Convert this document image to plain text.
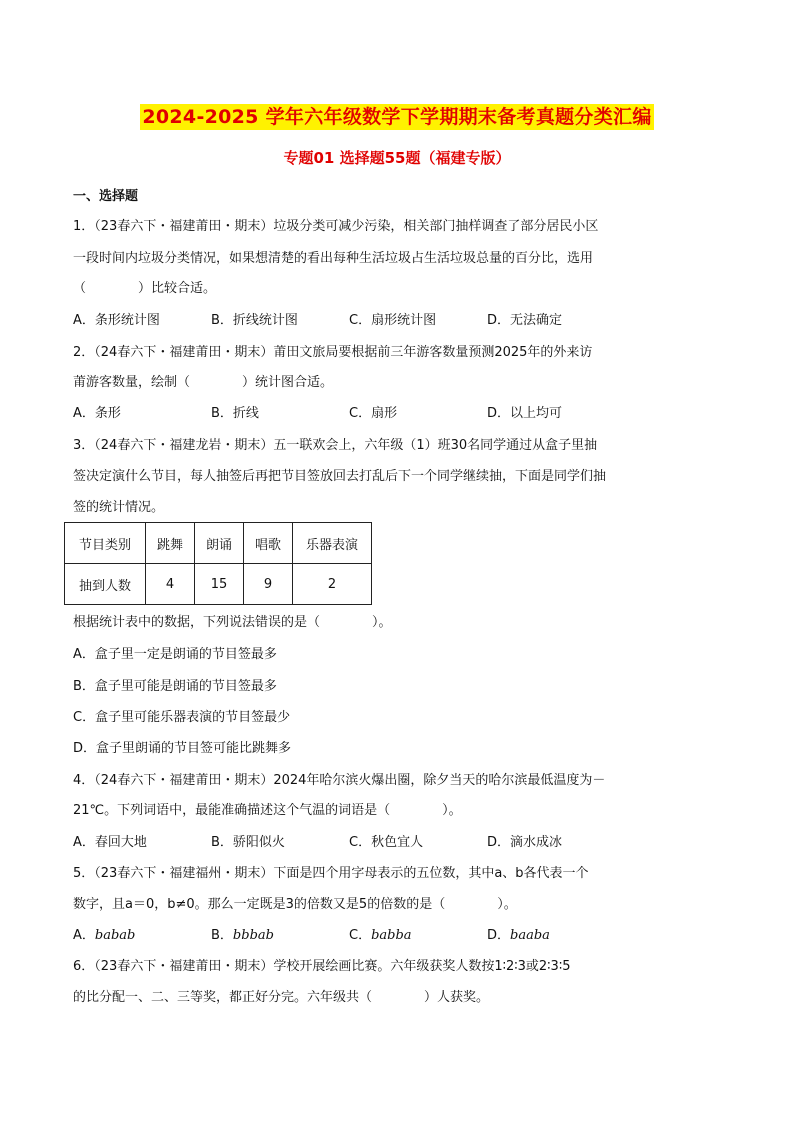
2024-2025 学年六年级数学下学期期末备考真题分类汇编
专题01 选择题55题（福建专版）
一、选择题
1．（23春六下・福建莆田・期末）垃圾分类可减少污染，相关部门抽样调查了部分居民小区
一段时间内垃圾分类情况，如果想清楚的看出每种生活垃圾占生活垃圾总量的百分比，选用
（　　　　）比较合适。
A．条形统计图	B．折线统计图	C．扇形统计图	D．无法确定
2．（24春六下・福建莆田・期末）莆田文旅局要根据前三年游客数量预测2025年的外来访
莆游客数量，绘制（　　　　）统计图合适。
A．条形	B．折线	C．扇形	D．以上均可
3．（24春六下・福建龙岩・期末）五一联欢会上，六年级（1）班30名同学通过从盒子里抽
签决定演什么节目，每人抽签后再把节目签放回去打乱后下一个同学继续抽，下面是同学们抽
签的统计情况。
节目类别	跳舞	朗诵	唱歌	乐器表演
抽到人数	4	15	9	2
根据统计表中的数据，下列说法错误的是（　　　　）。
A．盒子里一定是朗诵的节目签最多
B．盒子里可能是朗诵的节目签最多
C．盒子里可能乐器表演的节目签最少
D．盒子里朗诵的节目签可能比跳舞多
4．（24春六下・福建莆田・期末）2024年哈尔滨火爆出圈，除夕当天的哈尔滨最低温度为－
21℃。下列词语中，最能准确描述这个气温的词语是（　　　　）。
A．春回大地	B．骄阳似火	C．秋色宜人	D．滴水成冰
5．（23春六下・福建福州・期末）下面是四个用字母表示的五位数，其中a、b各代表一个
数字，且a＝0，b≠0。那么一定既是3的倍数又是5的倍数的是（　　　　）。
A．babab	B．bbbab	C．babba	D．baaba
6．（23春六下・福建莆田・期末）学校开展绘画比赛。六年级获奖人数按1∶2∶3或2∶3∶5
的比分配一、二、三等奖，都正好分完。六年级共（　　　　）人获奖。
